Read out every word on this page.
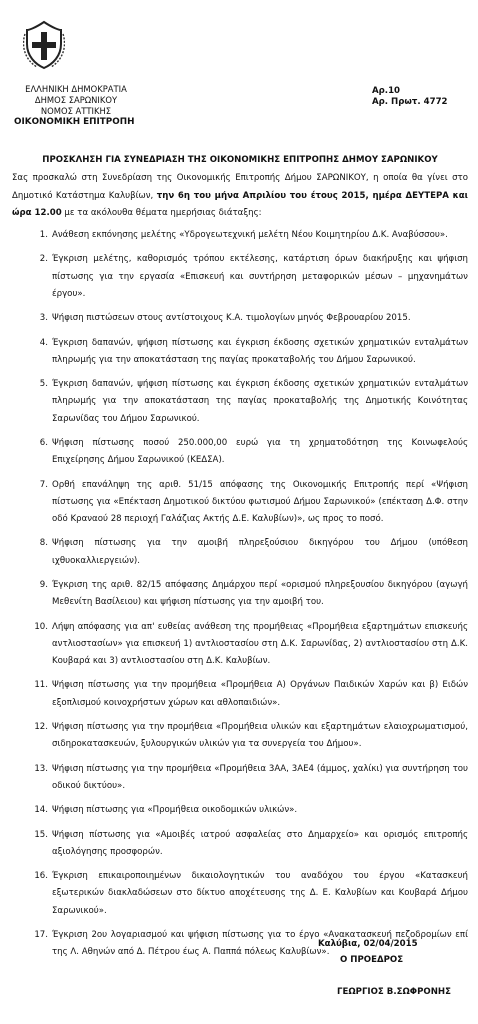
ΕΛΛΗΝΙΚΗ ΔΗΜΟΚΡΑΤΙΑ
ΔΗΜΟΣ ΣΑΡΩΝΙΚΟΥ
ΝΟΜΟΣ ΑΤΤΙΚΗΣ
ΟΙΚΟΝΟΜΙΚΗ ΕΠΙΤΡΟΠΗ
Αρ.10
Αρ. Πρωτ. 4772
ΠΡΟΣΚΛΗΣΗ ΓΙΑ ΣΥΝΕΔΡΙΑΣΗ ΤΗΣ ΟΙΚΟΝΟΜΙΚΗΣ ΕΠΙΤΡΟΠΗΣ ΔΗΜΟΥ ΣΑΡΩΝΙΚΟΥ
Σας προσκαλώ στη Συνεδρίαση της Οικονομικής Επιτροπής Δήμου ΣΑΡΩΝΙΚΟΥ, η οποία θα γίνει στο Δημοτικό Κατάστημα Καλυβίων, την 6η του μήνα Απριλίου του έτους 2015, ημέρα ΔΕΥΤΕΡΑ και ώρα 12.00 με τα ακόλουθα θέματα ημερήσιας διάταξης:
1. Ανάθεση εκπόνησης μελέτης «Υδρογεωτεχνική μελέτη Νέου Κοιμητηρίου Δ.Κ. Αναβύσσου».
2. Έγκριση μελέτης, καθορισμός τρόπου εκτέλεσης, κατάρτιση όρων διακήρυξης και ψήφιση πίστωσης για την εργασία «Επισκευή και συντήρηση μεταφορικών μέσων – μηχανημάτων έργου».
3. Ψήφιση πιστώσεων στους αντίστοιχους Κ.Α. τιμολογίων μηνός Φεβρουαρίου 2015.
4. Έγκριση δαπανών, ψήφιση πίστωσης και έγκριση έκδοσης σχετικών χρηματικών ενταλμάτων πληρωμής για την αποκατάσταση της παγίας προκαταβολής του Δήμου Σαρωνικού.
5. Έγκριση δαπανών, ψήφιση πίστωσης και έγκριση έκδοσης σχετικών χρηματικών ενταλμάτων πληρωμής για την αποκατάσταση της παγίας προκαταβολής της Δημοτικής Κοινότητας Σαρωνίδας του Δήμου Σαρωνικού.
6. Ψήφιση πίστωσης ποσού 250.000,00 ευρώ για τη χρηματοδότηση της Κοινωφελούς Επιχείρησης Δήμου Σαρωνικού (ΚΕΔΣΑ).
7. Ορθή επανάληψη της αριθ. 51/15 απόφασης της Οικονομικής Επιτροπής περί «Ψήφιση πίστωσης για «Επέκταση Δημοτικού δικτύου φωτισμού Δήμου Σαρωνικού» (επέκταση Δ.Φ. στην οδό Κραναού 28 περιοχή Γαλάζιας Ακτής Δ.Ε. Καλυβίων)», ως προς το ποσό.
8. Ψήφιση πίστωσης για την αμοιβή πληρεξούσιου δικηγόρου του Δήμου (υπόθεση ιχθυοκαλλιεργειών).
9. Έγκριση της αριθ. 82/15 απόφασης Δημάρχου περί «ορισμού πληρεξουσίου δικηγόρου (αγωγή Μεθενίτη Βασίλειου) και ψήφιση πίστωσης για την αμοιβή του.
10. Λήψη απόφασης για απ' ευθείας ανάθεση της προμήθειας «Προμήθεια εξαρτημάτων επισκευής αντλιοστασίων» για επισκευή 1) αντλιοστασίου στη Δ.Κ. Σαρωνίδας, 2) αντλιοστασίου στη Δ.Κ. Κουβαρά και 3) αντλιοστασίου στη Δ.Κ. Καλυβίων.
11. Ψήφιση πίστωσης για την προμήθεια «Προμήθεια Α) Οργάνων Παιδικών Χαρών και β) Ειδών εξοπλισμού κοινοχρήστων χώρων και αθλοπαιδιών».
12. Ψήφιση πίστωσης για την προμήθεια «Προμήθεια υλικών και εξαρτημάτων ελαιοχρωματισμού, σιδηροκατασκευών, ξυλουργικών υλικών για τα συνεργεία του Δήμου».
13. Ψήφιση πίστωσης για την προμήθεια «Προμήθεια 3ΑΑ, 3ΑΕ4 (άμμος, χαλίκι) για συντήρηση του οδικού δικτύου».
14. Ψήφιση πίστωσης για «Προμήθεια οικοδομικών υλικών».
15. Ψήφιση πίστωσης για «Αμοιβές ιατρού ασφαλείας στο Δημαρχείο» και ορισμός επιτροπής αξιολόγησης προσφορών.
16. Έγκριση επικαιροποιημένων δικαιολογητικών του αναδόχου του έργου «Κατασκευή εξωτερικών διακλαδώσεων στο δίκτυο αποχέτευσης της Δ. Ε. Καλυβίων και Κουβαρά Δήμου Σαρωνικού».
17. Έγκριση 2ου λογαριασμού και ψήφιση πίστωσης για το έργο «Ανακατασκευή πεζοδρομίων επί της Λ. Αθηνών από Δ. Πέτρου έως Α. Παππά πόλεως Καλυβίων».
Καλύβια, 02/04/2015
Ο ΠΡΟΕΔΡΟΣ
ΓΕΩΡΓΙΟΣ Β.ΣΩΦΡΟΝΗΣ
